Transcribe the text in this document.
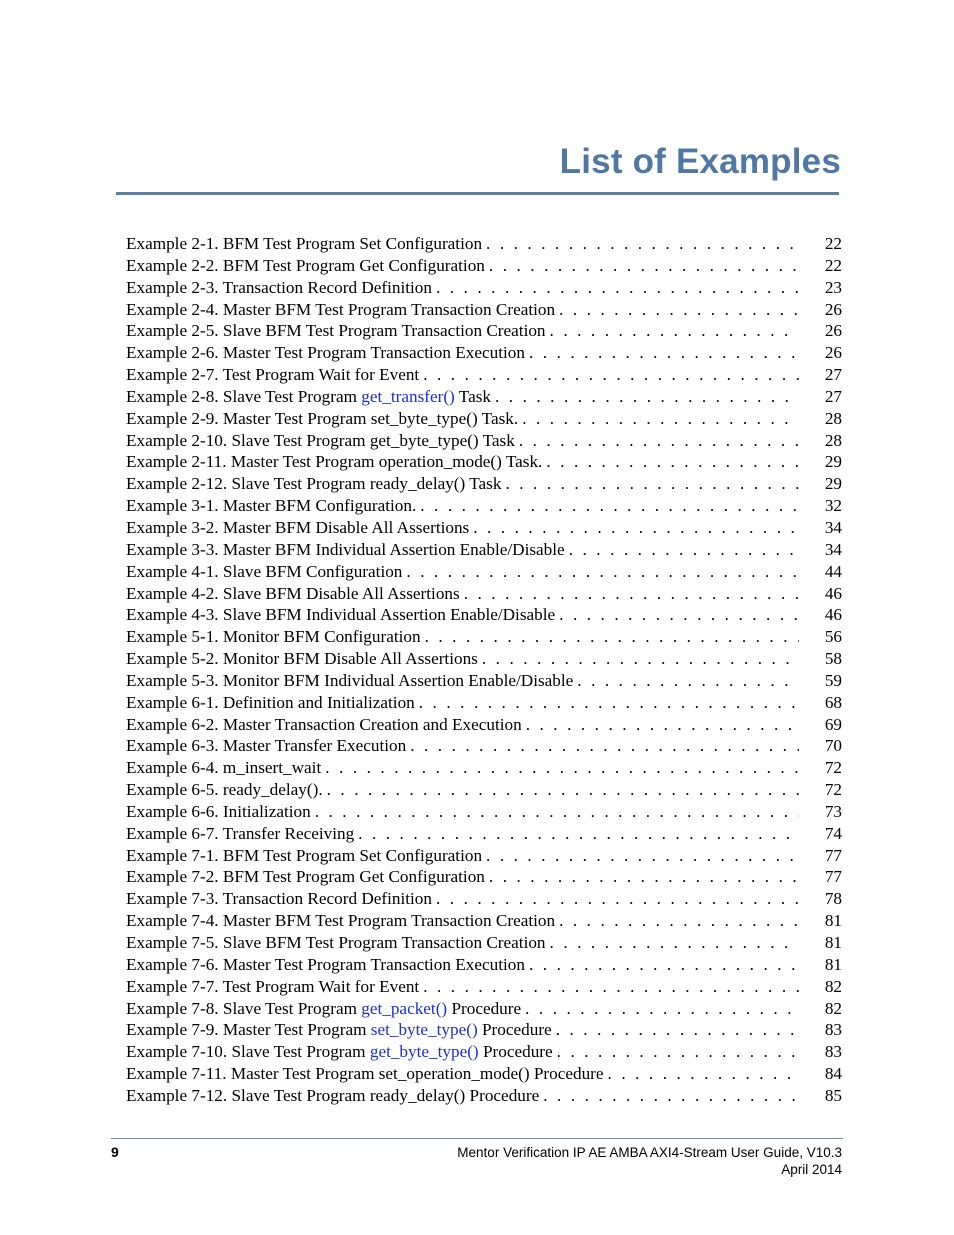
List of Examples
Example 2-1. BFM Test Program Set Configuration . . .	22
Example 2-2. BFM Test Program Get Configuration . . .	22
Example 2-3. Transaction Record Definition . . .	23
Example 2-4. Master BFM Test Program Transaction Creation . . .	26
Example 2-5. Slave BFM Test Program Transaction Creation . . .	26
Example 2-6. Master Test Program Transaction Execution . . .	26
Example 2-7. Test Program Wait for Event . . .	27
Example 2-8. Slave Test Program get_transfer() Task . . .	27
Example 2-9. Master Test Program set_byte_type() Task. . . .	28
Example 2-10. Slave Test Program get_byte_type() Task . . .	28
Example 2-11. Master Test Program operation_mode() Task. . . .	29
Example 2-12. Slave Test Program ready_delay() Task . . .	29
Example 3-1. Master BFM Configuration. . . .	32
Example 3-2. Master BFM Disable All Assertions . . .	34
Example 3-3. Master BFM Individual Assertion Enable/Disable . . .	34
Example 4-1. Slave BFM Configuration . . .	44
Example 4-2. Slave BFM Disable All Assertions . . .	46
Example 4-3. Slave BFM Individual Assertion Enable/Disable . . .	46
Example 5-1. Monitor BFM Configuration . . .	56
Example 5-2. Monitor BFM Disable All Assertions . . .	58
Example 5-3. Monitor BFM Individual Assertion Enable/Disable . . .	59
Example 6-1. Definition and Initialization . . .	68
Example 6-2. Master Transaction Creation and Execution . . .	69
Example 6-3. Master Transfer Execution . . .	70
Example 6-4. m_insert_wait . . .	72
Example 6-5. ready_delay(). . . .	72
Example 6-6. Initialization . . .	73
Example 6-7. Transfer Receiving . . .	74
Example 7-1. BFM Test Program Set Configuration . . .	77
Example 7-2. BFM Test Program Get Configuration . . .	77
Example 7-3. Transaction Record Definition . . .	78
Example 7-4. Master BFM Test Program Transaction Creation . . .	81
Example 7-5. Slave BFM Test Program Transaction Creation . . .	81
Example 7-6. Master Test Program Transaction Execution . . .	81
Example 7-7. Test Program Wait for Event . . .	82
Example 7-8. Slave Test Program get_packet() Procedure . . .	82
Example 7-9. Master Test Program set_byte_type() Procedure . . .	83
Example 7-10. Slave Test Program get_byte_type() Procedure . . .	83
Example 7-11. Master Test Program set_operation_mode() Procedure . . .	84
Example 7-12. Slave Test Program ready_delay() Procedure . . .	85
9	Mentor Verification IP AE AMBA AXI4-Stream User Guide, V10.3
April 2014
